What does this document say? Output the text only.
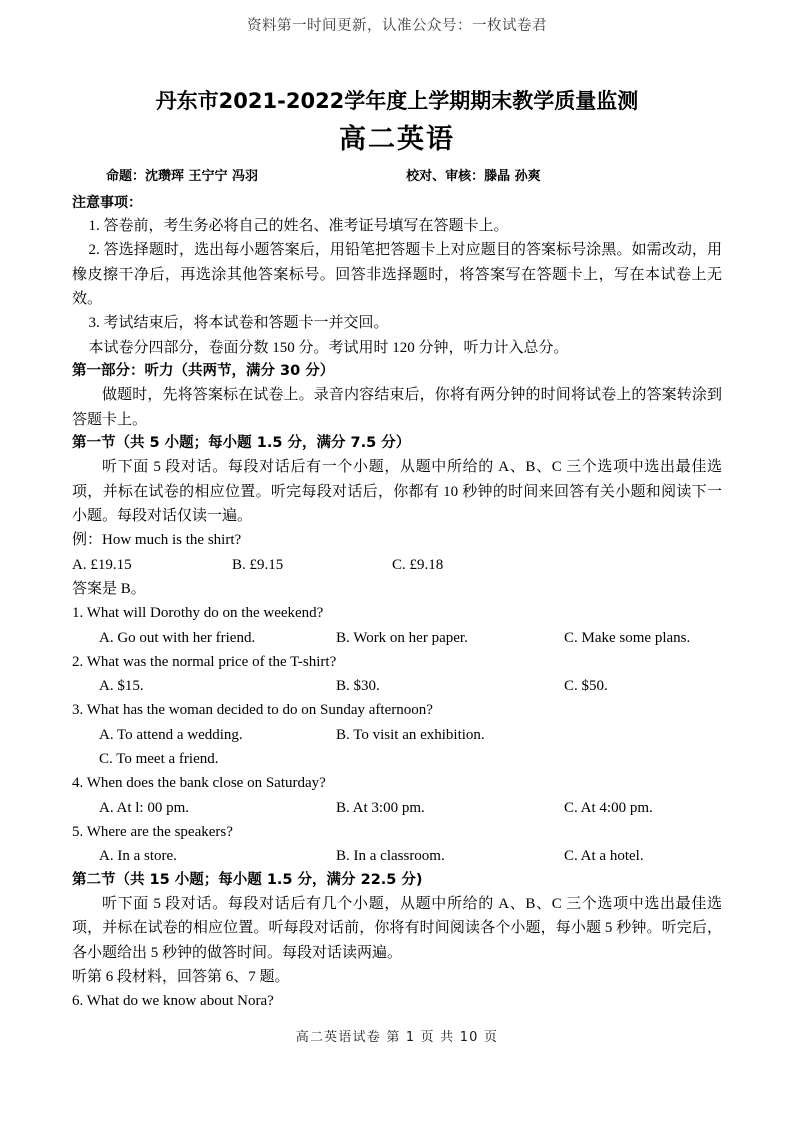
资料第一时间更新，认准公众号：一枚试卷君
丹东市2021-2022学年度上学期期末教学质量监测
高二英语
命题：沈瓒珲 王宁宁 冯羽	校对、审核：滕晶 孙爽
注意事项：

1. 答卷前，考生务必将自己的姓名、准考证号填写在答题卡上。

2. 答选择题时，选出每小题答案后，用铅笔把答题卡上对应题目的答案标号涂黑。如需改动，用橡皮擦干净后，再选涂其他答案标号。回答非选择题时，将答案写在答题卡上，写在本试卷上无效。

3. 考试结束后，将本试卷和答题卡一并交回。

本试卷分四部分，卷面分数 150 分。考试用时 120 分钟，听力计入总分。

第一部分：听力（共两节，满分 30 分）

做题时，先将答案标在试卷上。录音内容结束后，你将有两分钟的时间将试卷上的答案转涂到答题卡上。

第一节（共 5 小题；每小题 1.5 分，满分 7.5 分）

听下面 5 段对话。每段对话后有一个小题，从题中所给的 A、B、C 三个选项中选出最佳选项，并标在试卷的相应位置。听完每段对话后，你都有 10 秒钟的时间来回答有关小题和阅读下一小题。每段对话仅读一遍。

例：How much is the shirt?

A. £19.15	B. £9.15	C. £9.18

答案是 B。

1. What will Dorothy do on the weekend?

A. Go out with her friend.	B. Work on her paper.	C. Make some plans.

2. What was the normal price of the T-shirt?

A. $15.	B. $30.	C. $50.

3. What has the woman decided to do on Sunday afternoon?

A. To attend a wedding.	B. To visit an exhibition.
C. To meet a friend.

4. When does the bank close on Saturday?

A. At l: 00 pm.	B. At 3:00 pm.	C. At 4:00 pm.

5. Where are the speakers?

A. In a store.	B. In a classroom.	C. At a hotel.
第二节（共 15 小题；每小题 1.5 分，满分 22.5 分)

听下面 5 段对话。每段对话后有几个小题，从题中所给的 A、B、C 三个选项中选出最佳选项，并标在试卷的相应位置。听每段对话前，你将有时间阅读各个小题，每小题 5 秒钟。听完后，各小题给出 5 秒钟的做答时间。每段对话读两遍。

听第 6 段材料，回答第 6、7 题。

6. What do we know about Nora?

高二英语试卷 第 1 页 共 10 页
